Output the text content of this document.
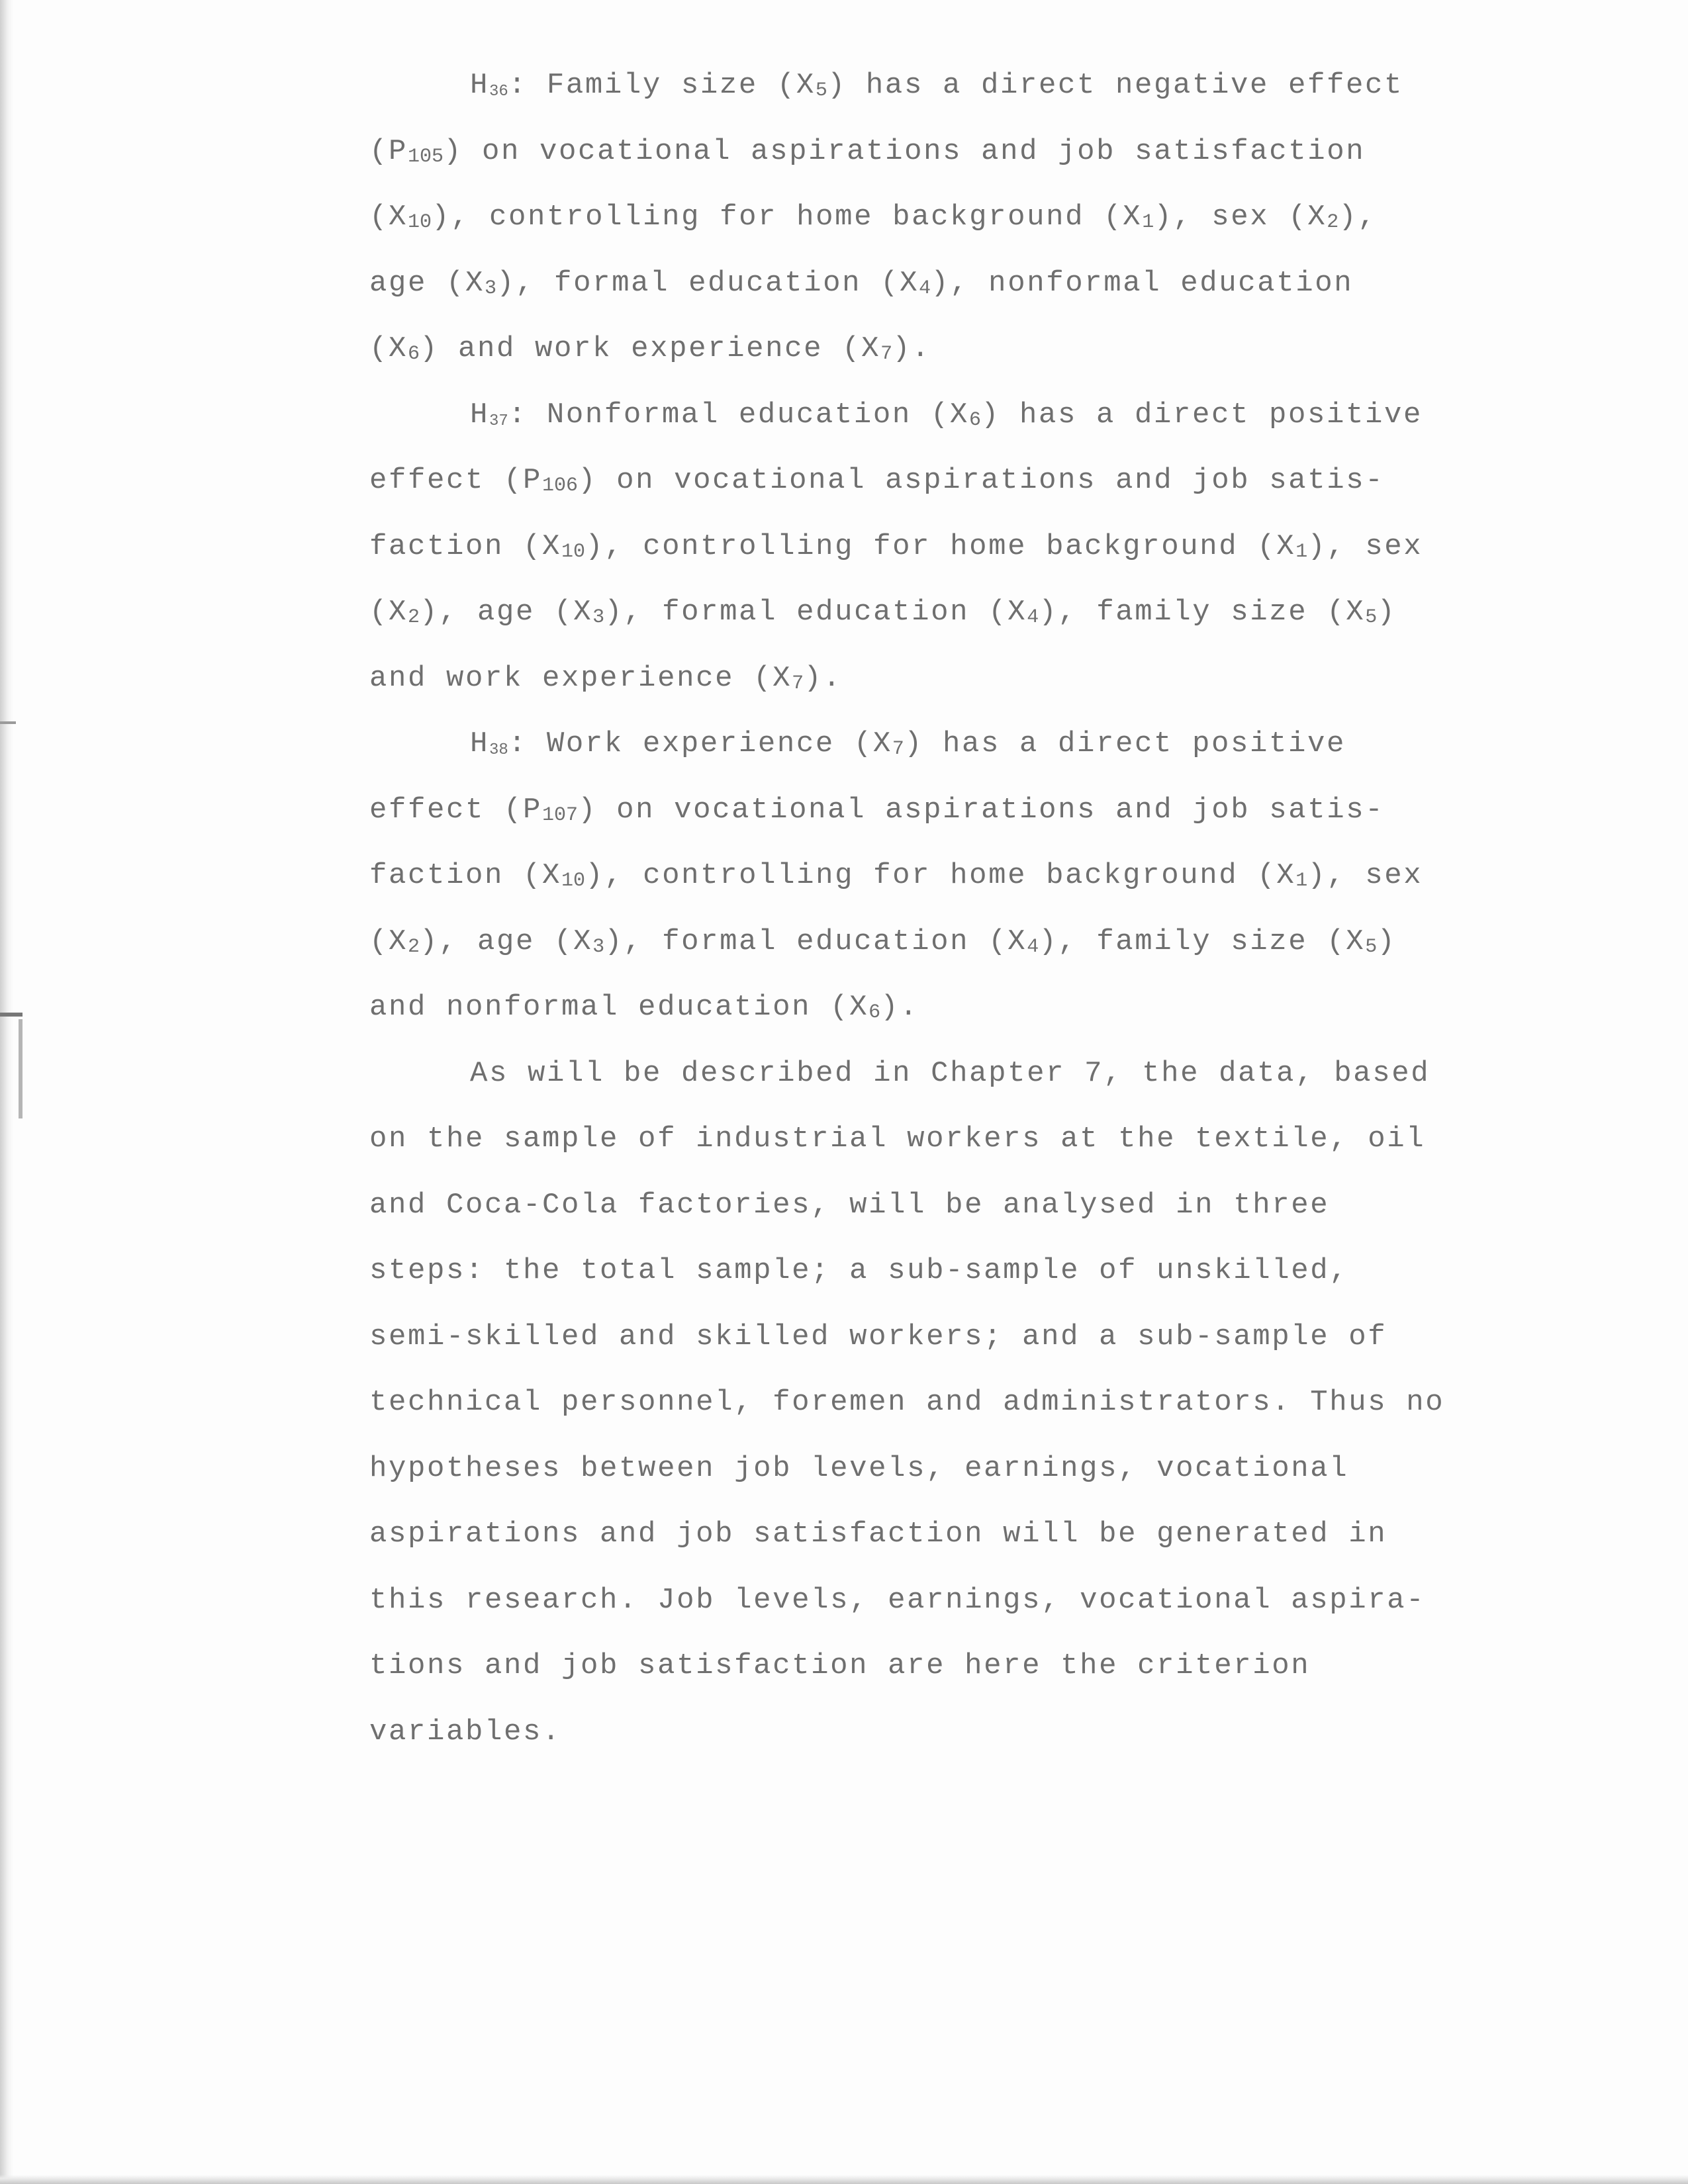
H36: Family size (X5) has a direct negative effect
(P105) on vocational aspirations and job satisfaction
(X10), controlling for home background (X1), sex (X2),
age (X3), formal education (X4), nonformal education
(X6) and work experience (X7).
H37: Nonformal education (X6) has a direct positive
effect (P106) on vocational aspirations and job satis-
faction (X10), controlling for home background (X1), sex
(X2), age (X3), formal education (X4), family size (X5)
and work experience (X7).
H38: Work experience (X7) has a direct positive
effect (P107) on vocational aspirations and job satis-
faction (X10), controlling for home background (X1), sex
(X2), age (X3), formal education (X4), family size (X5)
and nonformal education (X6).
As will be described in Chapter 7, the data, based
on the sample of industrial workers at the textile, oil
and Coca-Cola factories, will be analysed in three
steps: the total sample; a sub-sample of unskilled,
semi-skilled and skilled workers; and a sub-sample of
technical personnel, foremen and administrators. Thus no
hypotheses between job levels, earnings, vocational
aspirations and job satisfaction will be generated in
this research. Job levels, earnings, vocational aspira-
tions and job satisfaction are here the criterion
variables.
